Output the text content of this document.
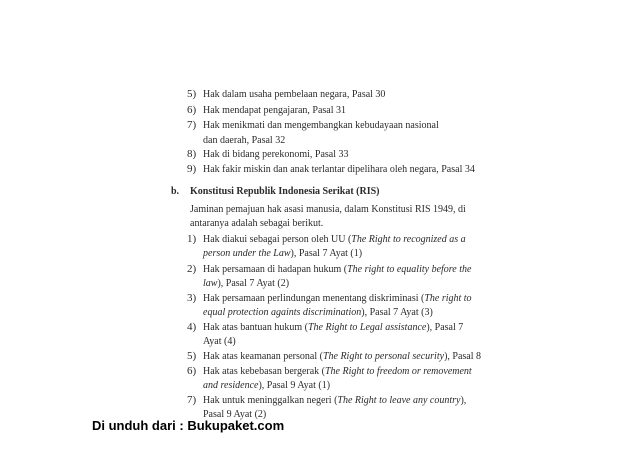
5) Hak dalam usaha pembelaan negara, Pasal 30
6) Hak mendapat pengajaran, Pasal 31
7) Hak menikmati dan mengembangkan kebudayaan nasional
dan daerah, Pasal 32
8) Hak di bidang perekonomi, Pasal 33
9) Hak fakir miskin dan anak terlantar dipelihara oleh negara, Pasal 34
b. Konstitusi Republik Indonesia Serikat (RIS)
Jaminan pemajuan hak asasi manusia, dalam Konstitusi RIS 1949, di
antaranya adalah sebagai berikut.
1) Hak diakui sebagai person oleh UU (The Right to recognized as a
person under the Law), Pasal 7 Ayat (1)
2) Hak persamaan di hadapan hukum (The right to equality before the
law), Pasal 7 Ayat (2)
3) Hak persamaan perlindungan menentang diskriminasi (The right to
equal protection againts discrimination), Pasal 7 Ayat (3)
4) Hak atas bantuan hukum (The Right to Legal assistance), Pasal 7
Ayat (4)
5) Hak atas keamanan personal (The Right to personal security), Pasal 8
6) Hak atas kebebasan bergerak (The Right to freedom or removement
and residence), Pasal 9 Ayat (1)
7) Hak untuk meninggalkan negeri (The Right to leave any country),
Pasal 9 Ayat (2)
Di unduh dari : Bukupaket.com
